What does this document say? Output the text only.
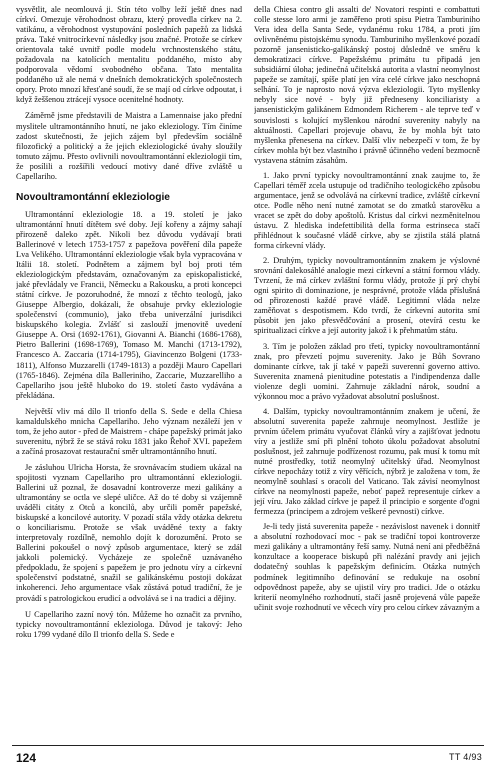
vysvětlit, ale neomlouvá ji. Stín této volby leží ještě dnes nad církví. Omezuje věrohodnost obrazu, který provedla církev na 2. vatikánu, a věrohodnost vystupování posledních papežů za lidská práva. Také vnitrocírkevní následky jsou značné. Protože se církev orientovala také uvnitř podle modelu vrchnostenského státu, požadovala na katolících mentalitu poddaného, místo aby podporovala vědomí svobodného občana. Tato mentalita poddaného už ale nemá v dnešních demokratických společnostech opory. Proto mnozí křesťané soudí, že se mají od církve odpoutat, i když žeššenou ztrácejí vysoce ocenitelné hodnoty.

Záměrně jsme představili de Maistra a Lamennaise jako přední myslitele ultramontánního hnutí, ne jako ekleziology. Tím činíme zadost skutečnosti, že jejich zájem byl především sociálně filozofický a politický a že jejich ekleziologické úvahy sloužily tomuto zájmu. Přesto ovlivnili novoultramontánní ekleziologii tím, že posílili a rozšířili vedoucí motivy dané dříve zvláště u Capellariho.

Novoultramontánní ekleziologie

Ultramontánní ekleziologie 18. a 19. století je jako ultramontánní hnutí dítětem své doby. Její kořeny a zájmy sahají přirozeně daleko zpět. Nikoli bez důvodu vydávají brati Ballerinové v letech 1753-1757 z papežova pověření díla papeže Lva Velikého. Ultramontánní ekleziologie však byla vypracována v Itálii 18. století. Podnětem a zájmem byl boj proti tém ekleziologickým představám, označovaným za episkopalistické, jaké převládaly ve Francii, Německu a Rakousku, a proti koncepci státní církve. Je pozoruhodné, že mnozí z těchto teologů, jako Giuseppe Albergio, dokázali, že obsahuje prvky ekleziologie společenství (communio), jako třeba univerzální jurisdikci biskupského kolegia. Zvlášť si zaslouží jmenovitě uvedení Giuseppe A. Orsi (1692-1761), Giovanni A. Bianchi (1686-1768), Pietro Ballerini (1698-1769), Tomaso M. Manchi (1713-1792), Francesco A. Zaccaria (1714-1795), Giavincenzo Bolgeni (1733-1811), Alfonso Muzzarelli (1749-1813) a později Mauro Capellari (1765-1846). Zejména díla Balleriniho, Zaccarie, Muzzarelliho a Capellariho jsou ještě hluboko do 19. století často vydávána a překládána.

Největší vliv má dílo Il trionfo della S. Sede e della Chiesa kamaldulského mnicha Capellariho. Jeho význam nezáleží jen v tom, že jeho autor - před de Maistrem - chápe papežský primát jako suverenitu, nýbrž že se stává roku 1831 jako Řehoř XVI. papežem a začíná prosazovat restaurační směr ultramontánního hnutí.

Je zásluhou Ulricha Horsta, že srovnávacím studiem ukázal na spojitosti vyznam Capellariho pro ultramontánní ekleziologii. Ballerini už poznal, že dosavadní kontroverze mezi galikány a ultramontány se octla ve slepé uličce. Až do té doby si vzájemně uváděli citáty z Otců a koncilů, aby určili poměr papežské, biskupské a koncilové autority. V pozadí stála vždy otázka dekretu o konciliarismu. Protože se však uváděné texty a fakty interpretovaly rozdílně, nemohlo dojít k dorozumění. Proto se Ballerini pokoušel o nový způsob argumentace, který se zdál jakkoli polemický. Vycházeje ze společně uznávaného předpokladu, že spojení s papežem je pro jednotu víry a církevní společenství podstatné, snažil se galikánskému postoji dokázat inkoherenci. Jeho argumentace však zůstává potud tradiční, že je provádí s patrologickou erudicí a odvolává se i na tradici a dějiny.

U Capellariho zazní nový tón. Můžeme ho označit za prvního, typicky novoultramontánní ekleziologa. Důvod je takový: Jeho roku 1799 vydané dílo Il trionfo della S. Sede e

della Chiesa contro gli assalti de' Novatori respinti e combattuti colle stesse loro armi je zaměřeno proti spisu Pietra Tamburiniho Vera idea della Santa Sede, vydanému roku 1784, a proti jím ovlivněnému pistojskému synodu. Tamburiniho myšlenkové pozadí pozorně jansenisticko-galikánský postoj důsledně ve směru k demokratizaci církve. Papežskému primátu tu připadá jen subsidiární úloha; jedinečná učitelská autorita a vlastní neomylnost papeže se zamítají, spíše platí jen víra celé církve jako neschopná selhání. To je naprosto nová výzva ekleziologii. Tyto myšlenky nebyly sice nové - byly již předneseny konciliaristy a jansenistickým galikánem Edmondem Richerem - ale teprve teď v souvislosti s kolující myšlenkou národní suverenity nabyly na aktuálnosti. Capellari projevuje obavu, že by mohla být tato myšlenka přenesena na církev. Další vliv nebezpečí v tom, že by církev mohla být bez vlastního i právně účinného vedení bezmocně vystavena státním zásahům.

1. Jako první typicky novoultramontánní znak zaujme to, že Capellari téměř zcela ustupuje od tradičního teologického způsobu argumentace, jenž se odvolává na církevní tradice, zvláště církevní otce. Podle něho není nutné zamotat se do zmatků starověku a vracet se zpět do doby apoštolů. Kristus dal církvi nezměnitelnou ústavu. Z hlediska indefettibilità della forma estrinseca stačí přihlédnout k současné vládě církve, aby se zjistila stálá platná forma církevní vlády.

2. Druhým, typicky novoultramontánním znakem je výslovné srovnání dalekosáhlé analogie mezi církevní a státní formou vlády. Tvrzení, že má církev zvláštní formu vlády, protože jí prý chybí ogni spirito di dominazione, je nesprávné, protože vláda příslušná od přirozenosti každé pravé vládě. Legitimní vláda nelze zaměňovat s despotismem. Kdo tvrdí, že církevní autorita smí působit jen jako přesvědčování a prosení, otevírá cestu ke spiritualizaci církve a její autority jakož i k přehmatům státu.

3. Tím je položen základ pro třetí, typicky novoultramontánní znak, pro převzetí pojmu suverenity. Jako je Bůh Sovrano dominante církve, tak jí také v papeži suverenní governo attivo. Suverenita znamená pienitudine potestatis a l'indipendenza dalle violenze degli uomini. Zahrnuje základní nárok, soudní a výkonnou moc a právo vyžadovat absolutní poslušnost.

4. Dalším, typicky novoultramontánním znakem je učení, že absolutní suverenita papeže zahrnuje neomylnost. Jestliže je prvním účelem primátu vyučovat článků víry a zajišťovat jednotu víry a jestliže smí při plnění tohoto úkolu požadovat absolutní poslušnost, jež zahrnuje podřízenost rozumu, pak musí k tomu mít nutné prostředky, totiž neomylný učitelský úřad. Neomylnost církve nepocházy totiž z víry věřících, nýbrž je založena v tom, že neomylně souhlasí s oracoli del Vaticano. Tak závisí neomylnost církve na neomylnosti papeže, neboť papež representuje církev a její víru. Jako základ církve je papež il principio e sorgente d'ogni fermezza (principem a zdrojem veškeré pevnosti) církve.

Je-li tedy jistá suverenita papeže - nezávislost navenek i donnitř a absolutní rozhodovací moc - pak se tradiční topoi kontroverze mezi galikány a ultramontány řeší samy. Nutná není ani předběžná konzultace a kooperace biskupů při nalézání pravdy ani jejich dodatečný souhlas k papežským definicím. Otázka nutných podmínek legitimního definování se redukuje na osobní odpovědnost papeže, aby se ujistil víry pro tradici. Jde o otázku kriterií neomylného rozhodnutí, stačí jasně projevená vůle papeže učinit svoje rozhodnutí ve věcech víry pro celou církev závazným a

124	TT 4/93
